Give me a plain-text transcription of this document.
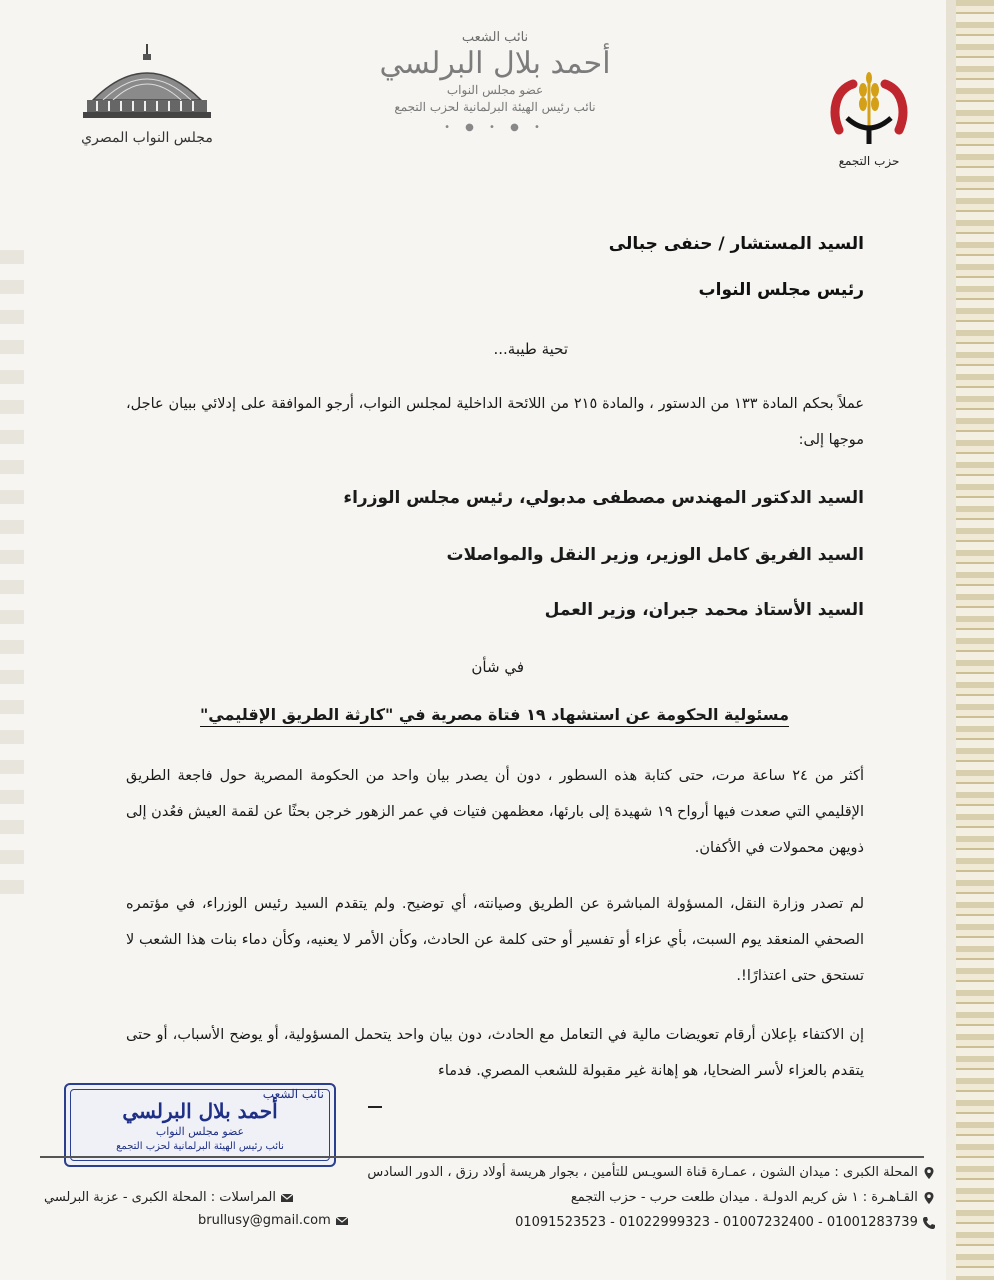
مجلس النواب المصري
نائب الشعب
أحمد بلال البرلسي
عضو مجلس النواب
نائب رئيس الهيئة البرلمانية لحزب التجمع
• ● • ● •
حزب التجمع
السيد المستشار / حنفى جبالى
رئيس مجلس النواب
تحية طيبة...
عملاً بحكم المادة ١٣٣ من الدستور ، والمادة ٢١٥ من اللائحة الداخلية لمجلس النواب، أرجو الموافقة على إدلائي ببيان عاجل، موجها إلى:
السيد الدكتور المهندس مصطفى مدبولي، رئيس مجلس الوزراء
السيد الفريق كامل الوزير، وزير النقل والمواصلات
السيد الأستاذ محمد جبران، وزير العمل
في شأن
مسئولية الحكومة عن استشهاد ١٩ فتاة مصرية في "كارثة الطريق الإقليمي"
أكثر من ٢٤ ساعة مرت، حتى كتابة هذه السطور ، دون أن يصدر بيان واحد من الحكومة المصرية حول فاجعة الطريق الإقليمي التي صعدت فيها أرواح ١٩ شهيدة إلى بارئها، معظمهن فتيات في عمر الزهور خرجن بحثًا عن لقمة العيش فعُدن إلى ذويهن محمولات في الأكفان.
لم تصدر وزارة النقل، المسؤولة المباشرة عن الطريق وصيانته، أي توضيح. ولم يتقدم السيد رئيس الوزراء، في مؤتمره الصحفي المنعقد يوم السبت، بأي عزاء أو تفسير أو حتى كلمة عن الحادث، وكأن الأمر لا يعنيه، وكأن دماء بنات هذا الشعب لا تستحق حتى اعتذارًا!.
إن الاكتفاء بإعلان أرقام تعويضات مالية في التعامل مع الحادث، دون بيان واحد يتحمل المسؤولية، أو يوضح الأسباب، أو حتى يتقدم بالعزاء لأسر الضحايا، هو إهانة غير مقبولة للشعب المصري. فدماء
نائب الشعب
أحمد بلال البرلسي
عضو مجلس النواب
نائب رئيس الهيئة البرلمانية لحزب التجمع
المحلة الكبرى : ميدان الشون ، عمـارة قناة السويـس للتأمين ، بجوار هريسة أولاد رزق ، الدور السادس
القـاهـرة : ١ ش كريم الدولـة . ميدان طلعت حرب - حزب التجمع
المراسلات : المحلة الكبرى - عزبة البرلسي
brullusy@gmail.com	01091523523 - 01022999323 - 01007232400 - 01001283739
